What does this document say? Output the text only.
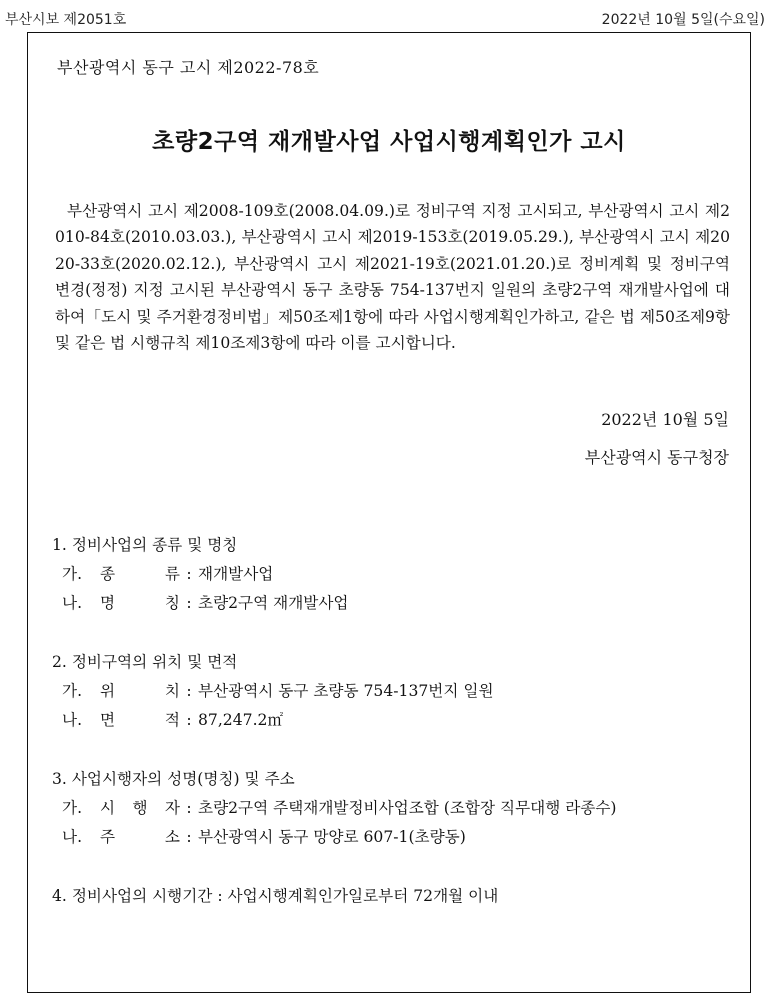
부산시보 제2051호	2022년 10월 5일(수요일)
부산광역시 동구 고시 제2022-78호
초량2구역 재개발사업 사업시행계획인가 고시
부산광역시 고시 제2008-109호(2008.04.09.)로 정비구역 지정 고시되고, 부산광역시 고시 제2010-84호(2010.03.03.), 부산광역시 고시 제2019-153호(2019.05.29.), 부산광역시 고시 제2020-33호(2020.02.12.), 부산광역시 고시 제2021-19호(2021.01.20.)로 정비계획 및 정비구역 변경(정정) 지정 고시된 부산광역시 동구 초량동 754-137번지 일원의 초량2구역 재개발사업에 대하여「도시 및 주거환경정비법」제50조제1항에 따라 사업시행계획인가하고, 같은 법 제50조제9항 및 같은 법 시행규칙 제10조제3항에 따라 이를 고시합니다.
2022년 10월 5일
부산광역시 동구청장
1. 정비사업의 종류 및 명칭
가. 종 류 : 재개발사업
나. 명 칭 : 초량2구역 재개발사업
2. 정비구역의 위치 및 면적
가. 위 치 : 부산광역시 동구 초량동 754-137번지 일원
나. 면 적 : 87,247.2㎡
3. 사업시행자의 성명(명칭) 및 주소
가. 시 행 자 : 초량2구역 주택재개발정비사업조합 (조합장 직무대행 라종수)
나. 주 소 : 부산광역시 동구 망양로 607-1(초량동)
4. 정비사업의 시행기간 : 사업시행계획인가일로부터 72개월 이내
